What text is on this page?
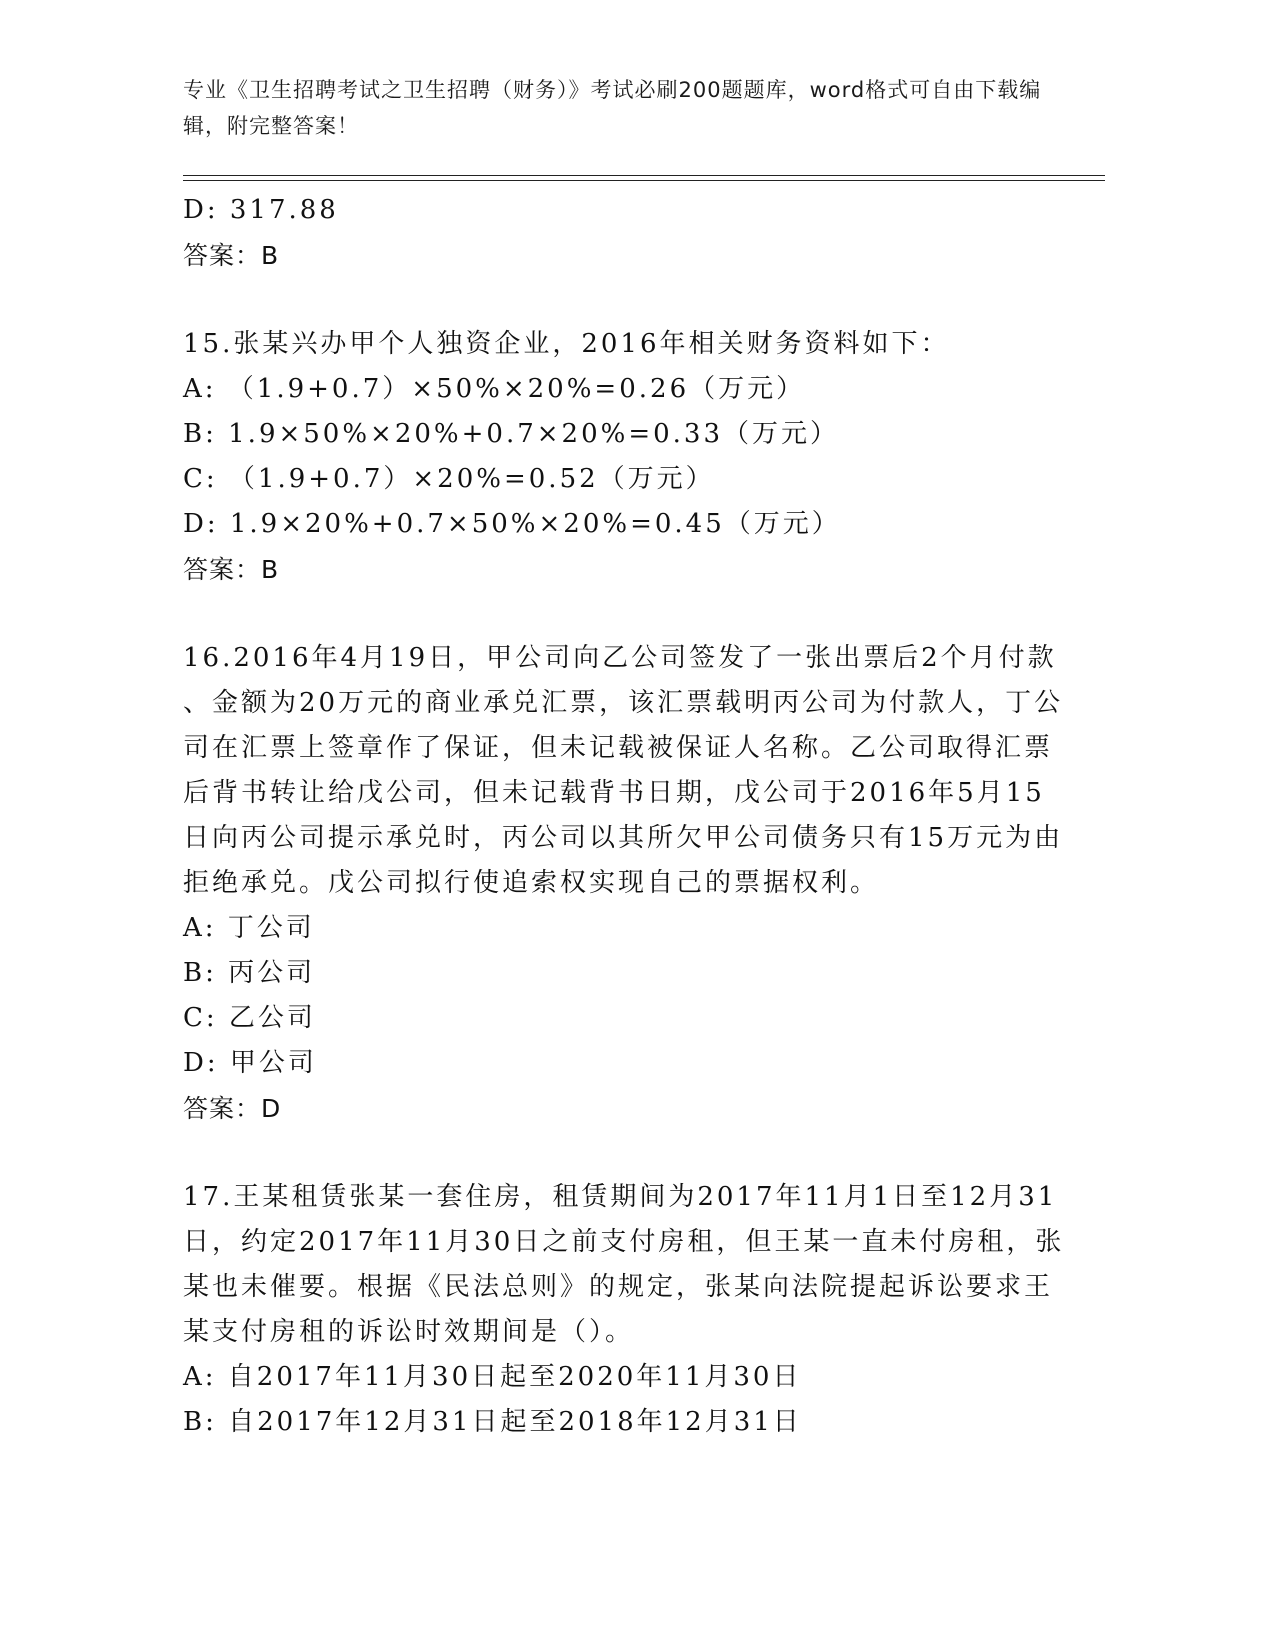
专业《卫生招聘考试之卫生招聘（财务）》考试必刷200题题库，word格式可自由下载编辑，附完整答案！
D: 317.88
答案：B
15.张某兴办甲个人独资企业，2016年相关财务资料如下：
A: （1.9+0.7）×50%×20%=0.26（万元）
B: 1.9×50%×20%+0.7×20%=0.33（万元）
C: （1.9+0.7）×20%=0.52（万元）
D: 1.9×20%+0.7×50%×20%=0.45（万元）
答案：B
16.2016年4月19日，甲公司向乙公司签发了一张出票后2个月付款
、金额为20万元的商业承兑汇票，该汇票载明丙公司为付款人，丁公
司在汇票上签章作了保证，但未记载被保证人名称。乙公司取得汇票
后背书转让给戊公司，但未记载背书日期，戊公司于2016年5月15
日向丙公司提示承兑时，丙公司以其所欠甲公司债务只有15万元为由
拒绝承兑。戊公司拟行使追索权实现自己的票据权利。
A: 丁公司
B: 丙公司
C: 乙公司
D: 甲公司
答案：D
17.王某租赁张某一套住房，租赁期间为2017年11月1日至12月31
日，约定2017年11月30日之前支付房租，但王某一直未付房租，张
某也未催要。根据《民法总则》的规定，张某向法院提起诉讼要求王
某支付房租的诉讼时效期间是（）。
A: 自2017年11月30日起至2020年11月30日
B: 自2017年12月31日起至2018年12月31日
